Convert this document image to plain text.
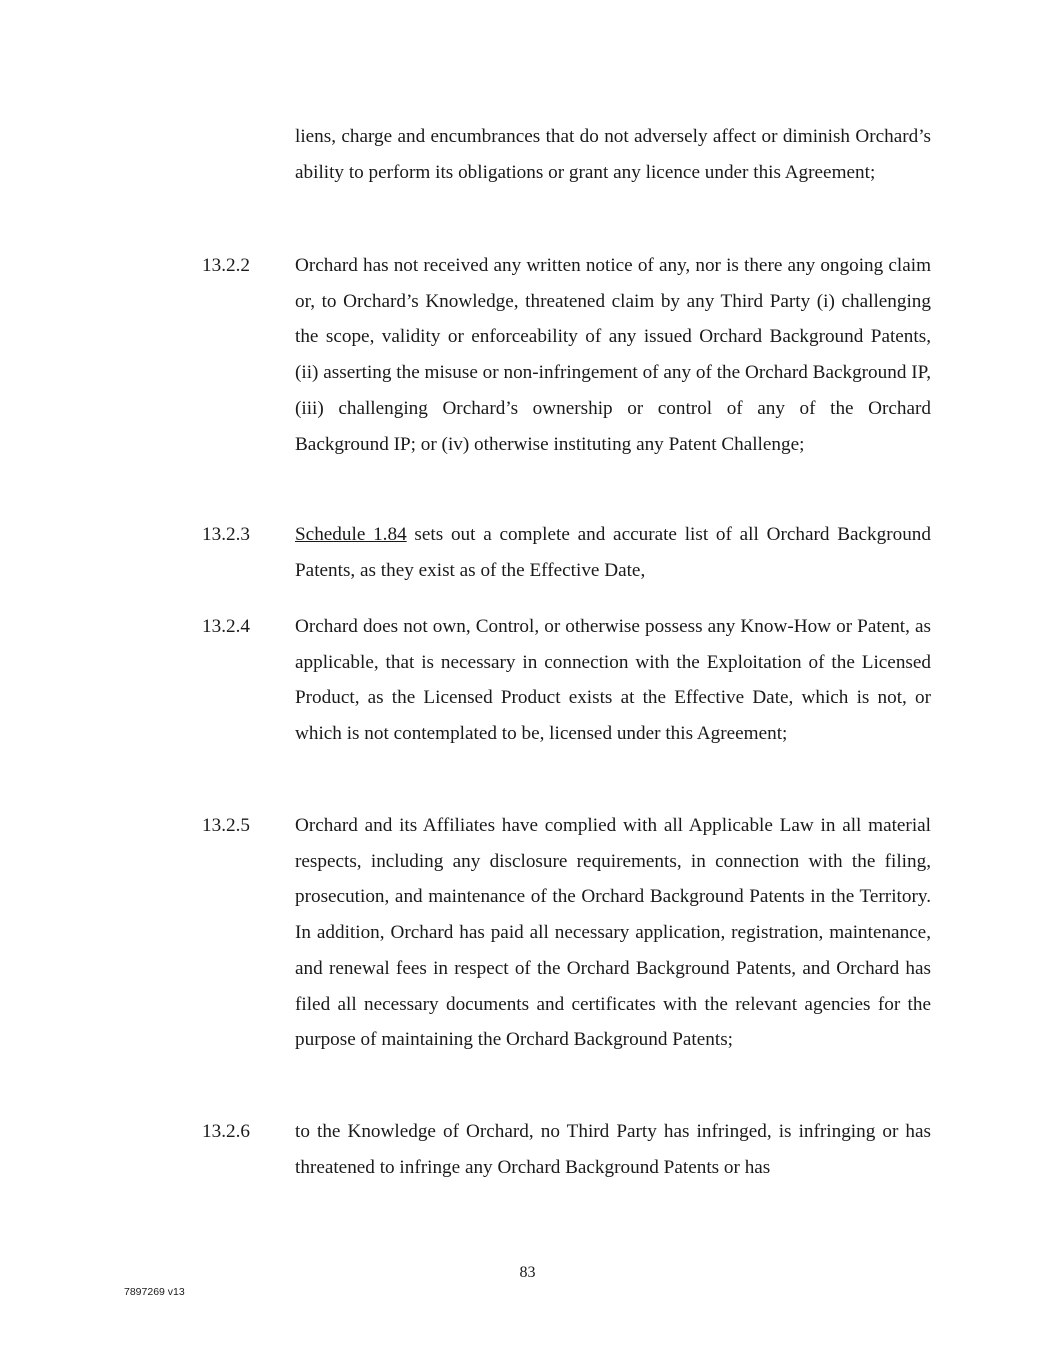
liens, charge and encumbrances that do not adversely affect or diminish Orchard’s ability to perform its obligations or grant any licence under this Agreement;

13.2.2 Orchard has not received any written notice of any, nor is there any ongoing claim or, to Orchard’s Knowledge, threatened claim by any Third Party (i) challenging the scope, validity or enforceability of any issued Orchard Background Patents, (ii) asserting the misuse or non-infringement of any of the Orchard Background IP, (iii) challenging Orchard’s ownership or control of any of the Orchard Background IP; or (iv) otherwise instituting any Patent Challenge;

13.2.3 Schedule 1.84 sets out a complete and accurate list of all Orchard Background Patents, as they exist as of the Effective Date,

13.2.4 Orchard does not own, Control, or otherwise possess any Know-How or Patent, as applicable, that is necessary in connection with the Exploitation of the Licensed Product, as the Licensed Product exists at the Effective Date, which is not, or which is not contemplated to be, licensed under this Agreement;

13.2.5 Orchard and its Affiliates have complied with all Applicable Law in all material respects, including any disclosure requirements, in connection with the filing, prosecution, and maintenance of the Orchard Background Patents in the Territory. In addition, Orchard has paid all necessary application, registration, maintenance, and renewal fees in respect of the Orchard Background Patents, and Orchard has filed all necessary documents and certificates with the relevant agencies for the purpose of maintaining the Orchard Background Patents;

13.2.6 to the Knowledge of Orchard, no Third Party has infringed, is infringing or has threatened to infringe any Orchard Background Patents or has

83
7897269 v13
